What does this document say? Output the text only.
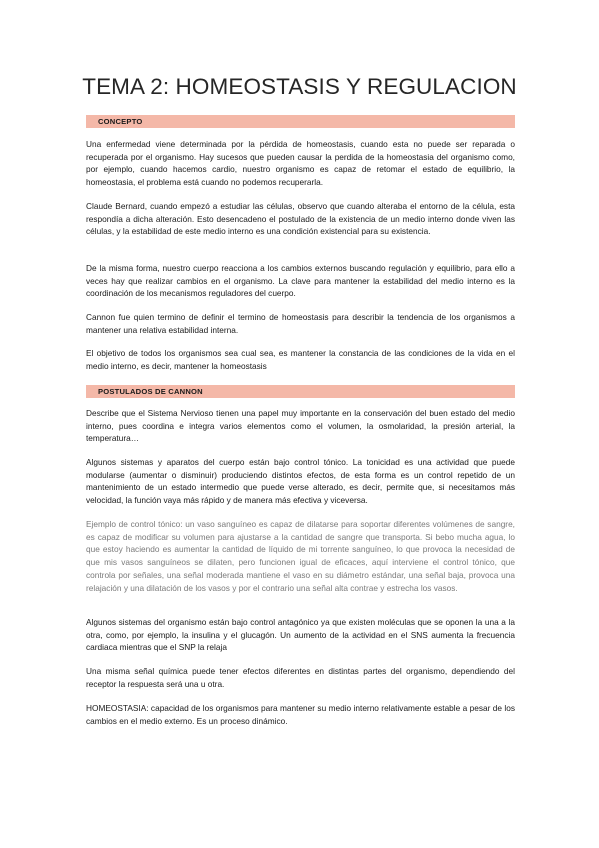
TEMA 2: HOMEOSTASIS Y REGULACION
CONCEPTO

Una enfermedad viene determinada por la pérdida de homeostasis, cuando esta no puede ser reparada o recuperada por el organismo. Hay sucesos que pueden causar la perdida de la homeostasia del organismo como, por ejemplo, cuando hacemos cardio, nuestro organismo es capaz de retomar el estado de equilibrio, la homeostasia, el problema está cuando no podemos recuperarla.

Claude Bernard, cuando empezó a estudiar las células, observo que cuando alteraba el entorno de la célula, esta respondía a dicha alteración. Esto desencadeno el postulado de la existencia de un medio interno donde viven las células, y la estabilidad de este medio interno es una condición existencial para su existencia.

De la misma forma, nuestro cuerpo reacciona a los cambios externos buscando regulación y equilibrio, para ello a veces hay que realizar cambios en el organismo. La clave para mantener la estabilidad del medio interno es la coordinación de los mecanismos reguladores del cuerpo.

Cannon fue quien termino de definir el termino de homeostasis para describir la tendencia de los organismos a mantener una relativa estabilidad interna.

El objetivo de todos los organismos sea cual sea, es mantener la constancia de las condiciones de la vida en el medio interno, es decir, mantener la homeostasis

POSTULADOS DE CANNON

Describe que el Sistema Nervioso tienen una papel muy importante en la conservación del buen estado del medio interno, pues coordina e integra varios elementos como el volumen, la osmolaridad, la presión arterial, la temperatura…

Algunos sistemas y aparatos del cuerpo están bajo control tónico. La tonicidad es una actividad que puede modularse (aumentar o disminuir) produciendo distintos efectos, de esta forma es un control repetido de un mantenimiento de un estado intermedio que puede verse alterado, es decir, permite que, si necesitamos más velocidad, la función vaya más rápido y de manera más efectiva y viceversa.

Ejemplo de control tónico: un vaso sanguíneo es capaz de dilatarse para soportar diferentes volúmenes de sangre, es capaz de modificar su volumen para ajustarse a la cantidad de sangre que transporta. Si bebo mucha agua, lo que estoy haciendo es aumentar la cantidad de líquido de mi torrente sanguíneo, lo que provoca la necesidad de que mis vasos sanguíneos se dilaten, pero funcionen igual de eficaces, aquí interviene el control tónico, que controla por señales, una señal moderada mantiene el vaso en su diámetro estándar, una señal baja, provoca una relajación y una dilatación de los vasos y por el contrario una señal alta contrae y estrecha los vasos.

Algunos sistemas del organismo están bajo control antagónico ya que existen moléculas que se oponen la una a la otra, como, por ejemplo, la insulina y el glucagón. Un aumento de la actividad en el SNS aumenta la frecuencia cardiaca mientras que el SNP la relaja

Una misma señal química puede tener efectos diferentes en distintas partes del organismo, dependiendo del receptor la respuesta será una u otra.

HOMEOSTASIA: capacidad de los organismos para mantener su medio interno relativamente estable a pesar de los cambios en el medio externo. Es un proceso dinámico.
